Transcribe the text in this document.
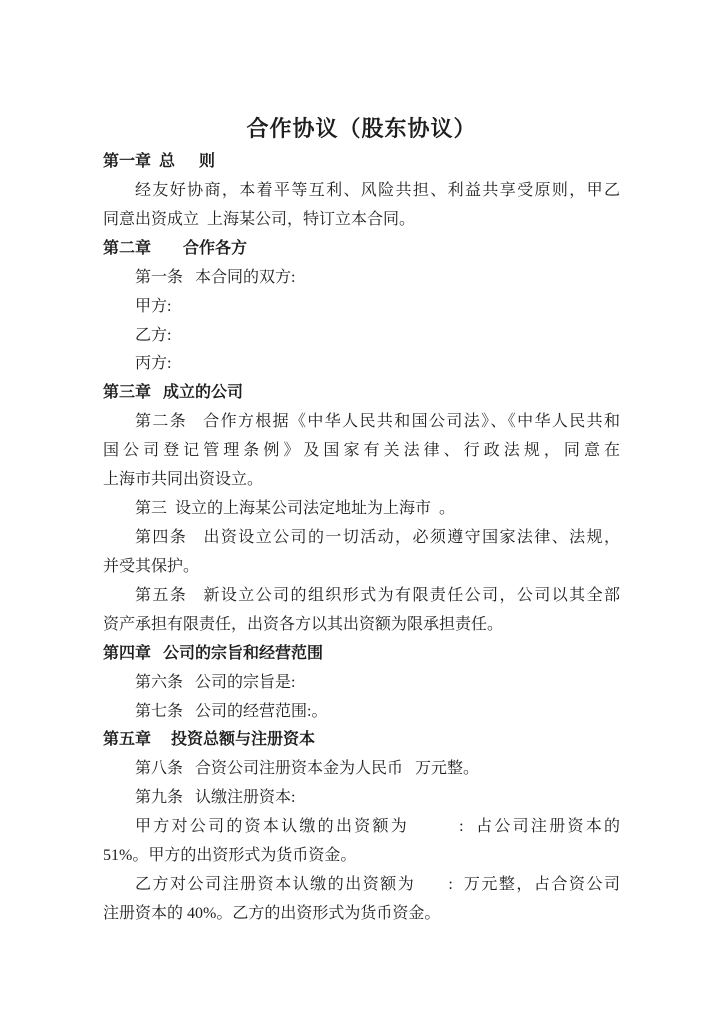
合作协议（股东协议）
第一章  总      则
经友好协商，本着平等互利、风险共担、利益共享受原则，甲乙
同意出资成立  上海某公司，特订立本合同。
第二章        合作各方
第一条   本合同的双方:
甲方:
乙方:
丙方:
第三章   成立的公司
第二条   合作方根据《中华人民共和国公司法》、《中华人民共和
国公司登记管理条例》及国家有关法律、行政法规，同意在
上海市共同出资设立。
第三  设立的上海某公司法定地址为上海市  。
第四条   出资设立公司的一切活动，必须遵守国家法律、法规，
并受其保护。
第五条   新设立公司的组织形式为有限责任公司，公司以其全部
资产承担有限责任，出资各方以其出资额为限承担责任。
第四章   公司的宗旨和经营范围
第六条   公司的宗旨是:
第七条   公司的经营范围:。
第五章     投资总额与注册资本
第八条   合资公司注册资本金为人民币   万元整。
第九条   认缴注册资本:
甲方对公司的资本认缴的出资额为        :  占公司注册资本的
51%。甲方的出资形式为货币资金。
乙方对公司注册资本认缴的出资额为      :  万元整，占合资公司
注册资本的 40%。乙方的出资形式为货币资金。
